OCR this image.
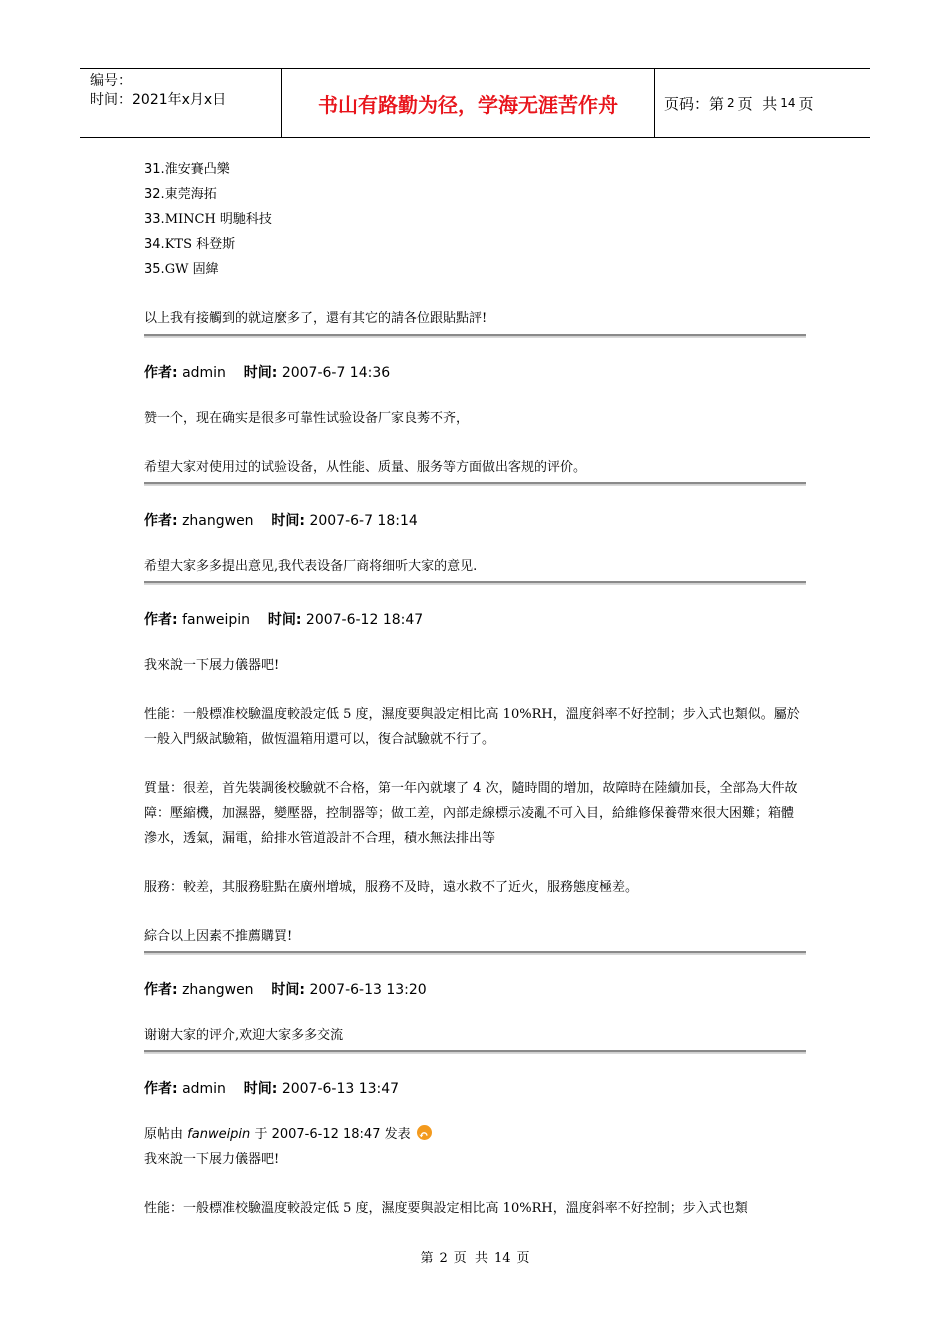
编号：
时间：2021年x月x日	书山有路勤为径，学海无涯苦作舟	页码：第 2 页  共 14 页
31.淮安賽凸樂
32.東莞海拓
33.MINCH 明馳科技
34.KTS 科登斯
35.GW 固緯
以上我有接觸到的就這麼多了，還有其它的請各位跟貼點評!
作者: admin 时间: 2007-6-7 14:36
赞一个，现在确实是很多可靠性试验设备厂家良莠不齐，
希望大家对使用过的试验设备，从性能、质量、服务等方面做出客规的评价。
作者: zhangwen 时间: 2007-6-7 18:14
希望大家多多提出意见,我代表设备厂商将细听大家的意见.
作者: fanweipin 时间: 2007-6-12 18:47
我來說一下展力儀器吧!
性能：一般標准校驗溫度較設定低 5 度，濕度要與設定相比高 10%RH，溫度斜率不好控制；步入式也類似。屬於一般入門級試驗箱，做恆溫箱用還可以，復合試驗就不行了。
質量：很差，首先裝調後校驗就不合格，第一年內就壞了 4 次，隨時間的增加，故障時在陸續加長，全部為大件故障：壓縮機，加濕器，變壓器，控制器等；做工差，內部走線標示凌亂不可入目，給維修保養帶來很大困難；箱體滲水，透氣，漏電，給排水管道設計不合理，積水無法排出等
服務：較差，其服務駐點在廣州增城，服務不及時，遠水救不了近火，服務態度極差。
綜合以上因素不推薦購買!
作者: zhangwen 时间: 2007-6-13 13:20
谢谢大家的评介,欢迎大家多多交流
作者: admin 时间: 2007-6-13 13:47
原帖由 fanweipin 于 2007-6-12 18:47 发表↶
我來說一下展力儀器吧!
性能：一般標准校驗溫度較設定低 5 度，濕度要與設定相比高 10%RH，溫度斜率不好控制；步入式也類
第 2 页  共 14 页
